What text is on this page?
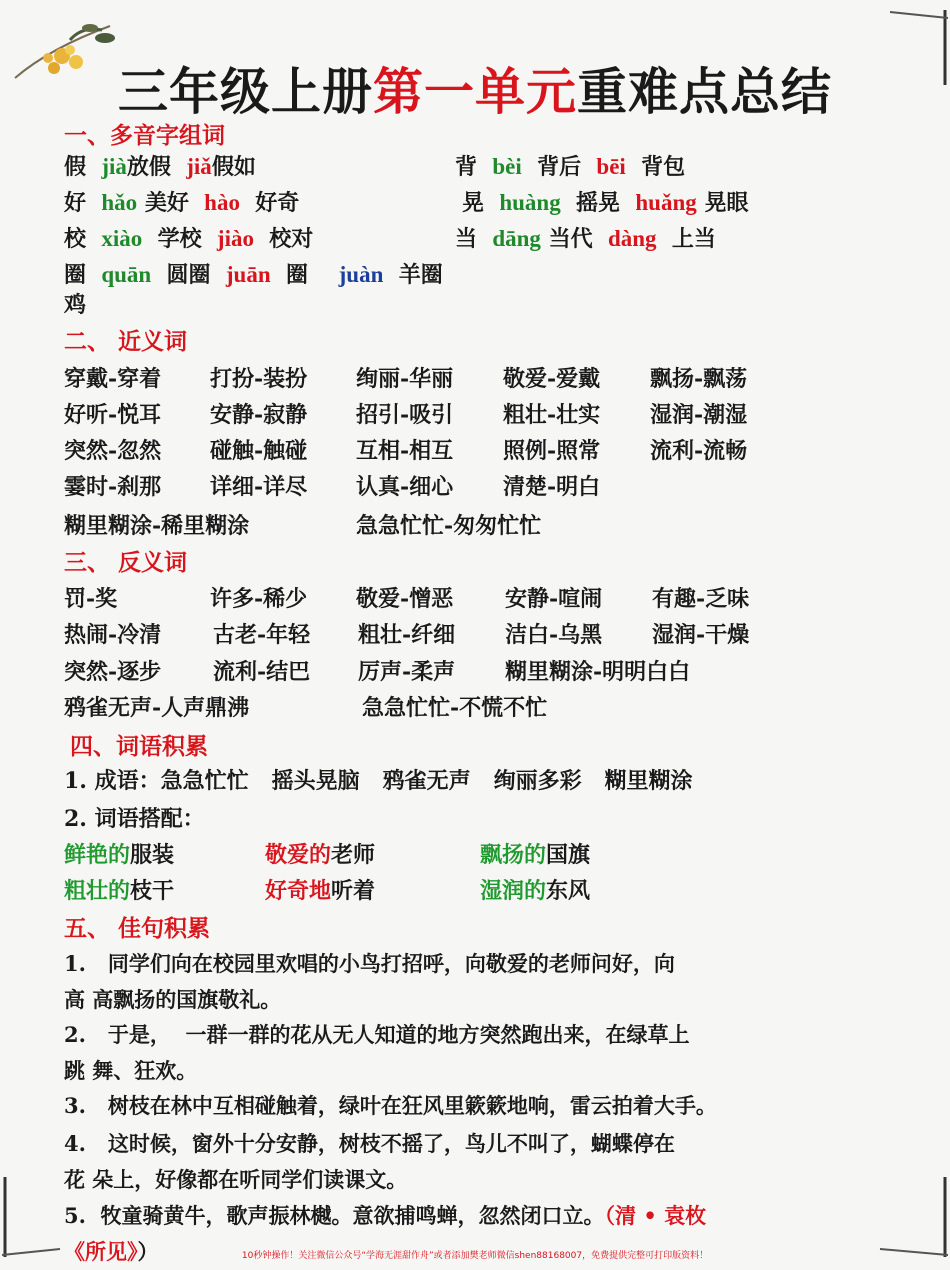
三年级上册第一单元重难点总结
一、多音字组词
假 jià放假 jiǎ假如	背 bèi 背后 bēi 背包
好 hǎo 美好 hào 好奇	晃 huàng 摇晃 huǎng 晃眼
校 xiào 学校 jiào 校对	当 dāng 当代 dàng 上当
圈 quān 圆圈 juān 圈 juàn 羊圈
鸡
二、 近义词
穿戴-穿着 打扮-装扮 绚丽-华丽 敬爱-爱戴 飘扬-飘荡
好听-悦耳 安静-寂静 招引-吸引 粗壮-壮实 湿润-潮湿
突然-忽然 碰触-触碰 互相-相互 照例-照常 流利-流畅
霎时-刹那 详细-详尽 认真-细心 清楚-明白
糊里糊涂-稀里糊涂	急急忙忙-匆匆忙忙
三、 反义词
罚-奖	许多-稀少 敬爱-憎恶 安静-喧闹 有趣-乏味
热闹-冷清 古老-年轻 粗壮-纤细 洁白-乌黑 湿润-干燥
突然-逐步 流利-结巴 厉声-柔声 糊里糊涂-明明白白
鸦雀无声-人声鼎沸	急急忙忙-不慌不忙
四、词语积累
1. 成语：急急忙忙   摇头晃脑   鸦雀无声   绚丽多彩   糊里糊涂
2. 词语搭配：
鲜艳的服装	敬爱的老师	飘扬的国旗
粗壮的枝干	好奇地听着	湿润的东风
五、 佳句积累
1.   同学们向在校园里欢唱的小鸟打招呼，向敬爱的老师问好，向
高 高飘扬的国旗敬礼。
2.   于是，  一群一群的花从无人知道的地方突然跑出来，在绿草上
跳 舞、狂欢。
3.   树枝在林中互相碰触着，绿叶在狂风里簌簌地响，雷云拍着大手。
4.   这时候，窗外十分安静，树枝不摇了，鸟儿不叫了，蝴蝶停在
花 朵上，好像都在听同学们读课文。
5.  牧童骑黄牛，歌声振林樾。意欲捕鸣蝉，忽然闭口立。（清 • 袁枚
《所见》）	10秒钟操作！关注微信公众号“学海无涯甜作舟”或者添加樊老师微信shen88168007，免费提供完整可打印版资料！
